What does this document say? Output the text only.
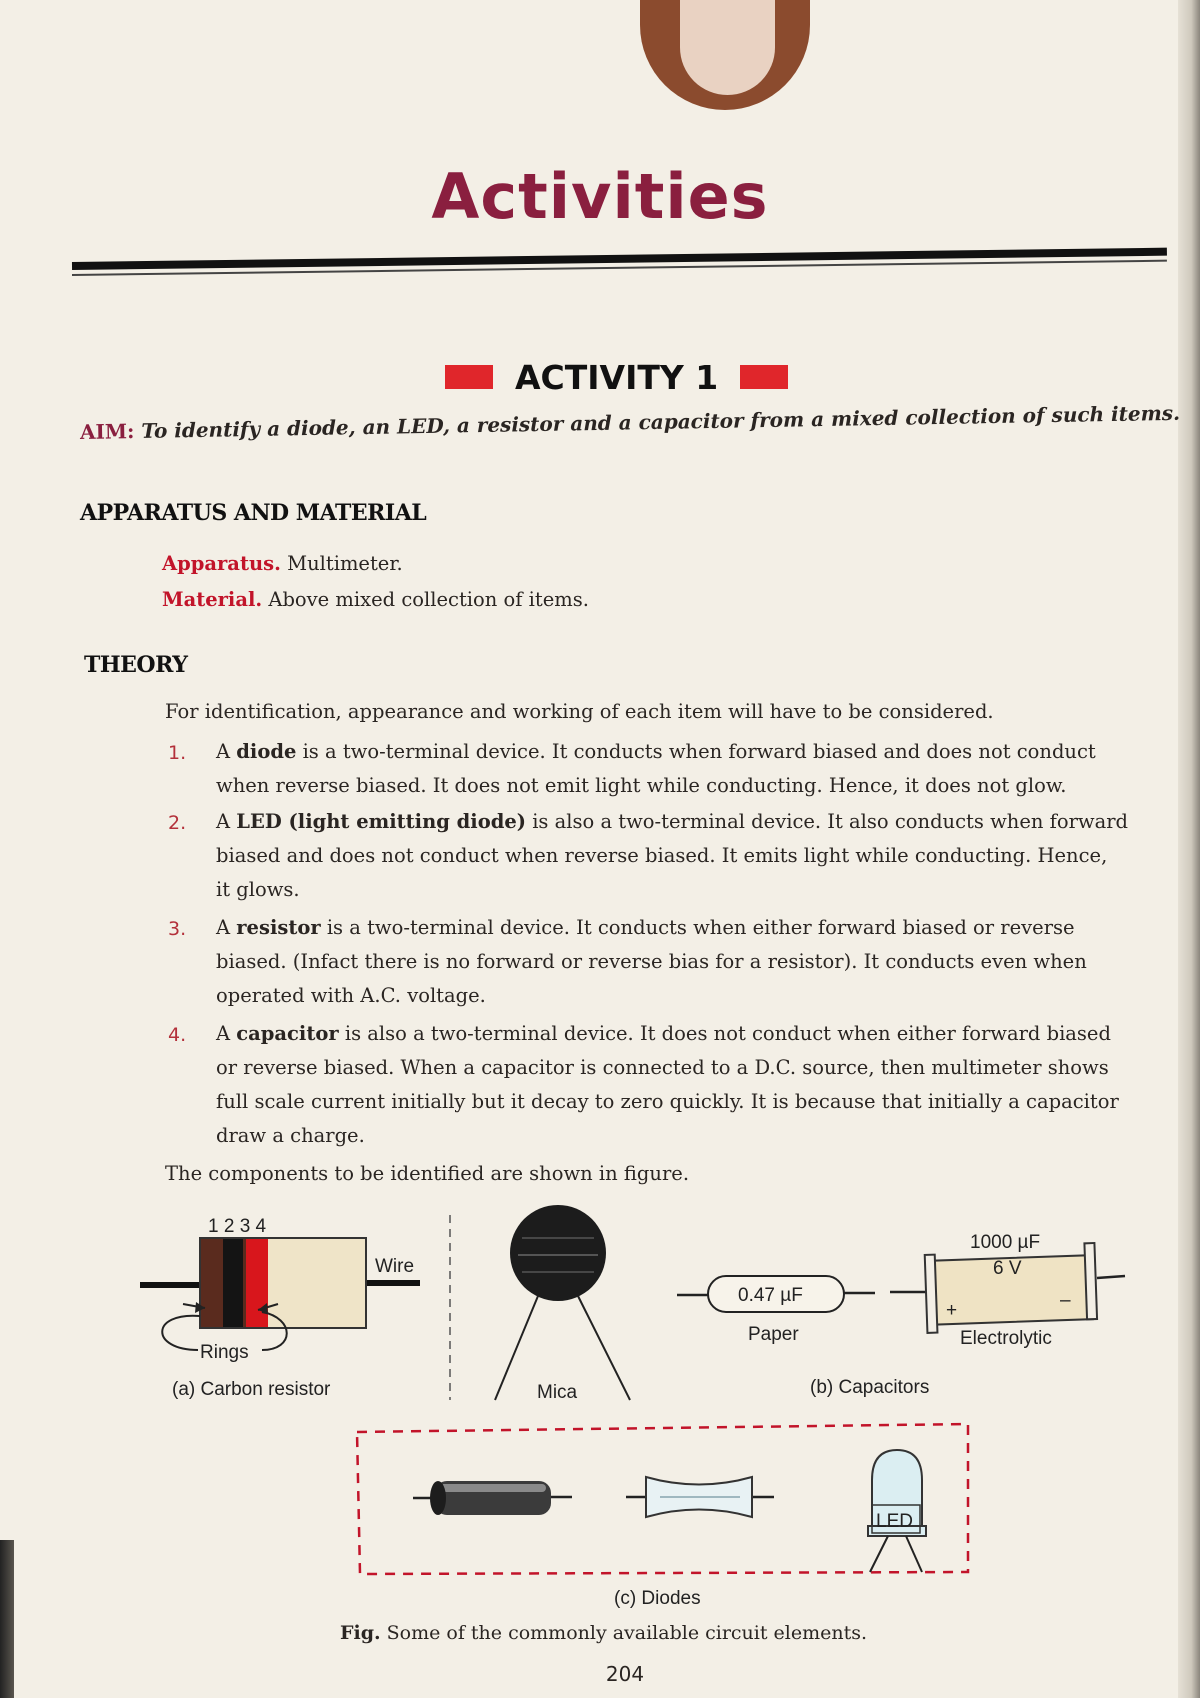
Activities
ACTIVITY 1
AIM: To identify a diode, an LED, a resistor and a capacitor from a mixed collection of such items.
APPARATUS AND MATERIAL
Apparatus. Multimeter.
Material. Above mixed collection of items.
THEORY
For identification, appearance and working of each item will have to be considered.
1. A diode is a two-terminal device. It conducts when forward biased and does not conduct
when reverse biased. It does not emit light while conducting. Hence, it does not glow.
2. A LED (light emitting diode) is also a two-terminal device. It also conducts when forward
biased and does not conduct when reverse biased. It emits light while conducting. Hence,
it glows.
3. A resistor is a two-terminal device. It conducts when either forward biased or reverse
biased. (Infact there is no forward or reverse bias for a resistor). It conducts even when
operated with A.C. voltage.
4. A capacitor is also a two-terminal device. It does not conduct when either forward biased
or reverse biased. When a capacitor is connected to a D.C. source, then multimeter shows
full scale current initially but it decay to zero quickly. It is because that initially a capacitor
draw a charge.
The components to be identified are shown in figure.
1 2 3 4
Wire
Rings
(a) Carbon resistor	Mica
0.47 µF
Paper
1000 µF
6 V
+	–
Electrolytic
(b) Capacitors
LED
(c) Diodes
Fig. Some of the commonly available circuit elements.
204
